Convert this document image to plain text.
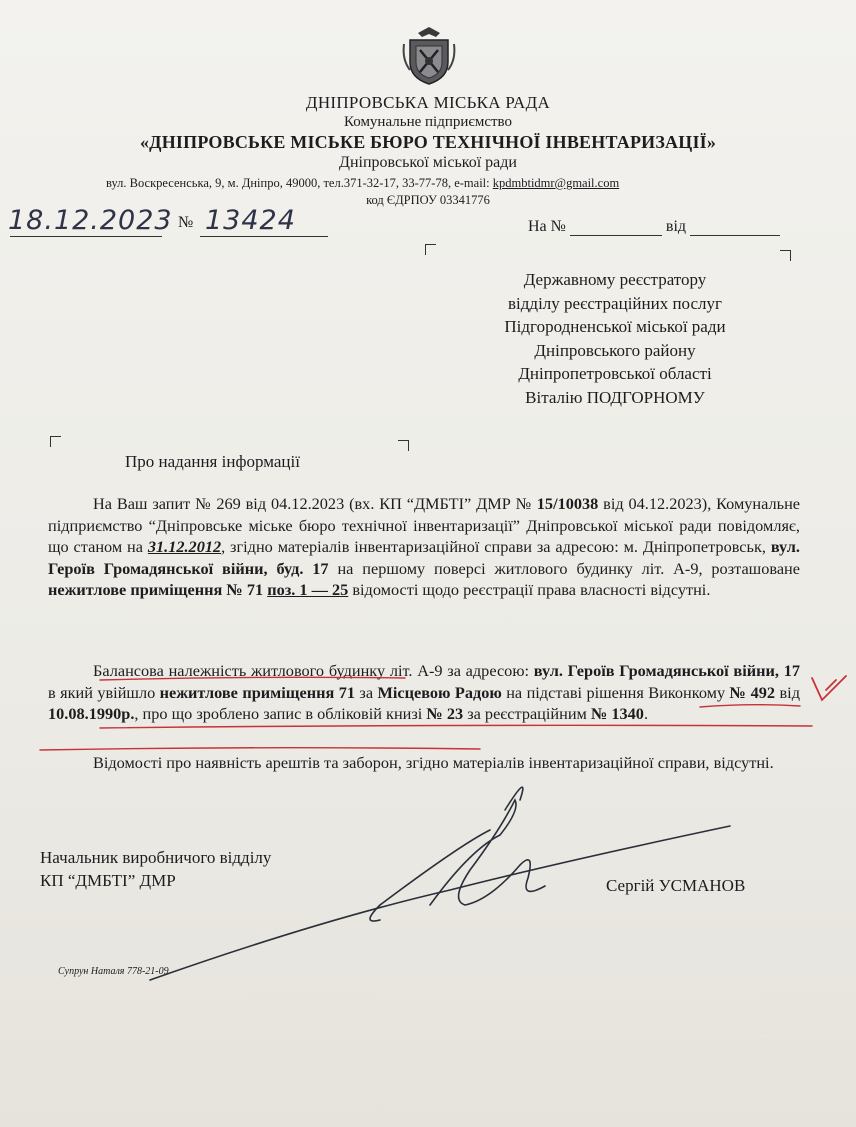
ДНІПРОВСЬКА МІСЬКА РАДА
Комунальне підприємство
«ДНІПРОВСЬКЕ МІСЬКЕ БЮРО ТЕХНІЧНОЇ ІНВЕНТАРИЗАЦІЇ»
Дніпровської міської ради
вул. Воскресенська, 9, м. Дніпро, 49000, тел.371-32-17, 33-77-78, e-mail: kpdmbtidmr@gmail.com
код ЄДРПОУ 03341776
18.12.2023 № 13424	На №	від
Державному реєстратору
відділу реєстраційних послуг
Підгородненської міської ради
Дніпровського району
Дніпропетровської області
Віталію ПОДГОРНОМУ
Про надання інформації

На Ваш запит № 269 від 04.12.2023 (вх. КП “ДМБТІ” ДМР № 15/10038 від 04.12.2023), Комунальне підприємство “Дніпровське міське бюро технічної інвентаризації” Дніпровської міської ради повідомляє, що станом на 31.12.2012, згідно матеріалів інвентаризаційної справи за адресою: м. Дніпропетровськ, вул. Героїв Громадянської війни, буд. 17 на першому поверсі житлового будинку літ. А-9, розташоване нежитлове приміщення № 71 поз. 1 — 25 відомості щодо реєстрації права власності відсутні.

Балансова належність житлового будинку літ. А-9 за адресою: вул. Героїв Громадянської війни, 17 в який увійшло нежитлове приміщення 71 за Місцевою Радою на підставі рішення Виконкому № 492 від 10.08.1990р., про що зроблено запис в обліковій книзі № 23 за реєстраційним № 1340.

Відомості про наявність арештів та заборон, згідно матеріалів інвентаризаційної справи, відсутні.

Начальник виробничого відділу
КП “ДМБТІ” ДМР	Сергій УСМАНОВ
Супрун Наталя 778-21-09
